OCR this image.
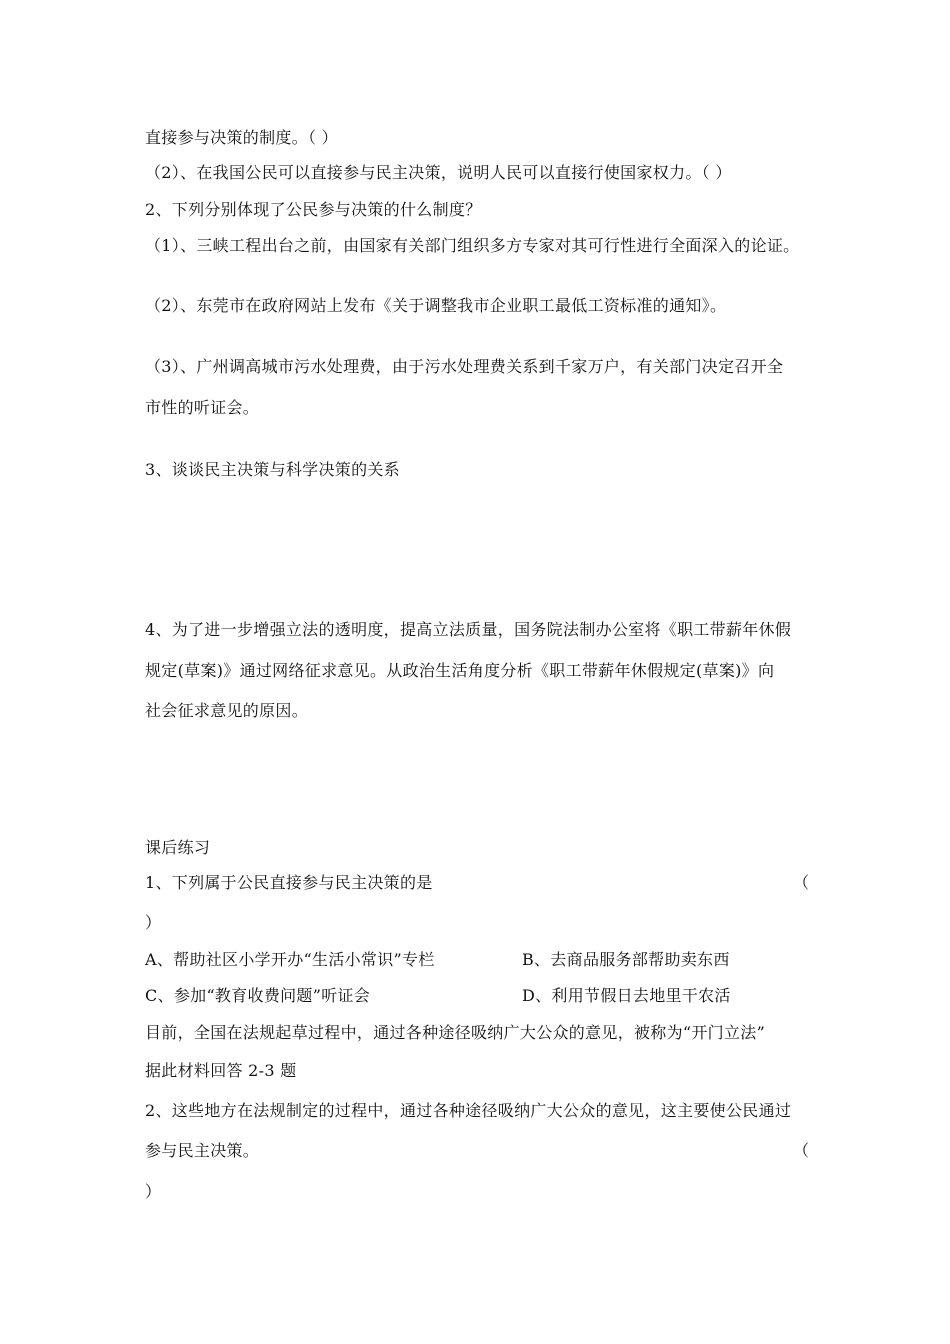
直接参与决策的制度。（ ）
（2）、在我国公民可以直接参与民主决策，说明人民可以直接行使国家权力。（ ）
2、下列分别体现了公民参与决策的什么制度？
（1）、三峡工程出台之前，由国家有关部门组织多方专家对其可行性进行全面深入的论证。
（2）、东莞市在政府网站上发布《关于调整我市企业职工最低工资标准的通知》。
（3）、广州调高城市污水处理费，由于污水处理费关系到千家万户，有关部门决定召开全
市性的听证会。
3、谈谈民主决策与科学决策的关系
4、为了进一步增强立法的透明度，提高立法质量，国务院法制办公室将《职工带薪年休假
规定(草案)》通过网络征求意见。从政治生活角度分析《职工带薪年休假规定(草案)》向
社会征求意见的原因。
课后练习
1、下列属于公民直接参与民主决策的是	（
）
A、帮助社区小学开办“生活小常识”专栏	B、去商品服务部帮助卖东西
C、参加“教育收费问题”听证会	D、利用节假日去地里干农活
目前，全国在法规起草过程中，通过各种途径吸纳广大公众的意见，被称为“开门立法”
据此材料回答 2-3 题
2、这些地方在法规制定的过程中，通过各种途径吸纳广大公众的意见，这主要使公民通过
参与民主决策。	（
）
